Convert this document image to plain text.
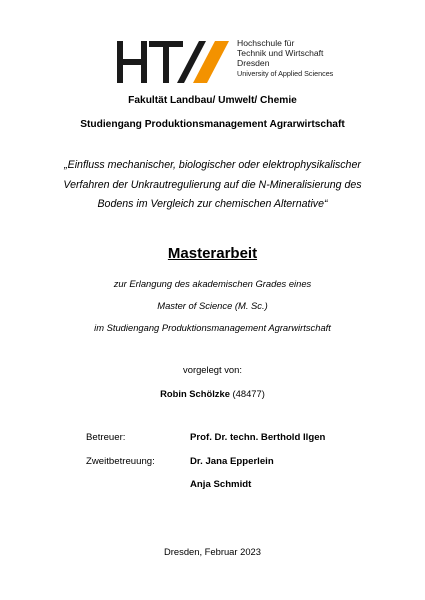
Hochschule für
Technik und Wirtschaft
Dresden
University of Applied Sciences
Fakultät Landbau/ Umwelt/ Chemie
Studiengang Produktionsmanagement Agrarwirtschaft
„Einfluss mechanischer, biologischer oder elektrophysikalischer
Verfahren der Unkrautregulierung auf die N-Mineralisierung des
Bodens im Vergleich zur chemischen Alternative“
Masterarbeit
zur Erlangung des akademischen Grades eines
Master of Science (M. Sc.)
im Studiengang Produktionsmanagement Agrarwirtschaft
vorgelegt von:
Robin Schölzke (48477)
Betreuer:	Prof. Dr. techn. Berthold Ilgen
Zweitbetreuung:	Dr. Jana Epperlein
Anja Schmidt
Dresden, Februar 2023
